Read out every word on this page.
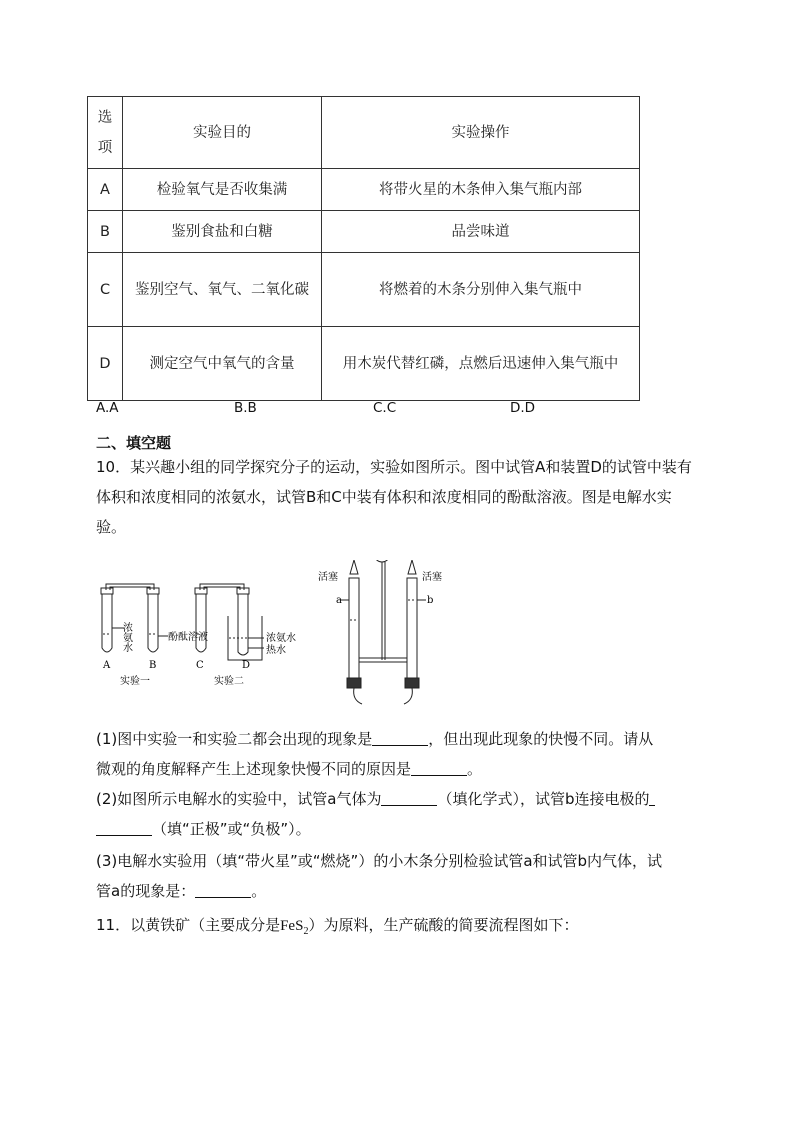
选项	实验目的	实验操作
A	检验氧气是否收集满	将带火星的木条伸入集气瓶内部
B	鉴别食盐和白糖	品尝味道
C	鉴别空气、氧气、二氧化碳	将燃着的木条分别伸入集气瓶中
D	测定空气中氧气的含量	用木炭代替红磷，点燃后迅速伸入集气瓶中
A.A	B.B	C.C	D.D
二、填空题
10．某兴趣小组的同学探究分子的运动，实验如图所示。图中试管A和装置D的试管中装有体积和浓度相同的浓氨水，试管B和C中装有体积和浓度相同的酚酞溶液。图是电解水实验。
浓氨水	酚酞溶液
A	B
实验一
浓氨水
热水
C	D
实验二
活塞	活塞
a	b
(1)图中实验一和实验二都会出现的现象是	，但出现此现象的快慢不同。请从
微观的角度解释产生上述现象快慢不同的原因是	。
(2)如图所示电解水的实验中，试管a气体为	（填化学式），试管b连接电极的
（填“正极”或“负极”）。
(3)电解水实验用（填“带火星”或“燃烧”）的小木条分别检验试管a和试管b内气体，试
管a的现象是：	。
11．以黄铁矿（主要成分是FeS$_2$）为原料，生产硫酸的简要流程图如下：
